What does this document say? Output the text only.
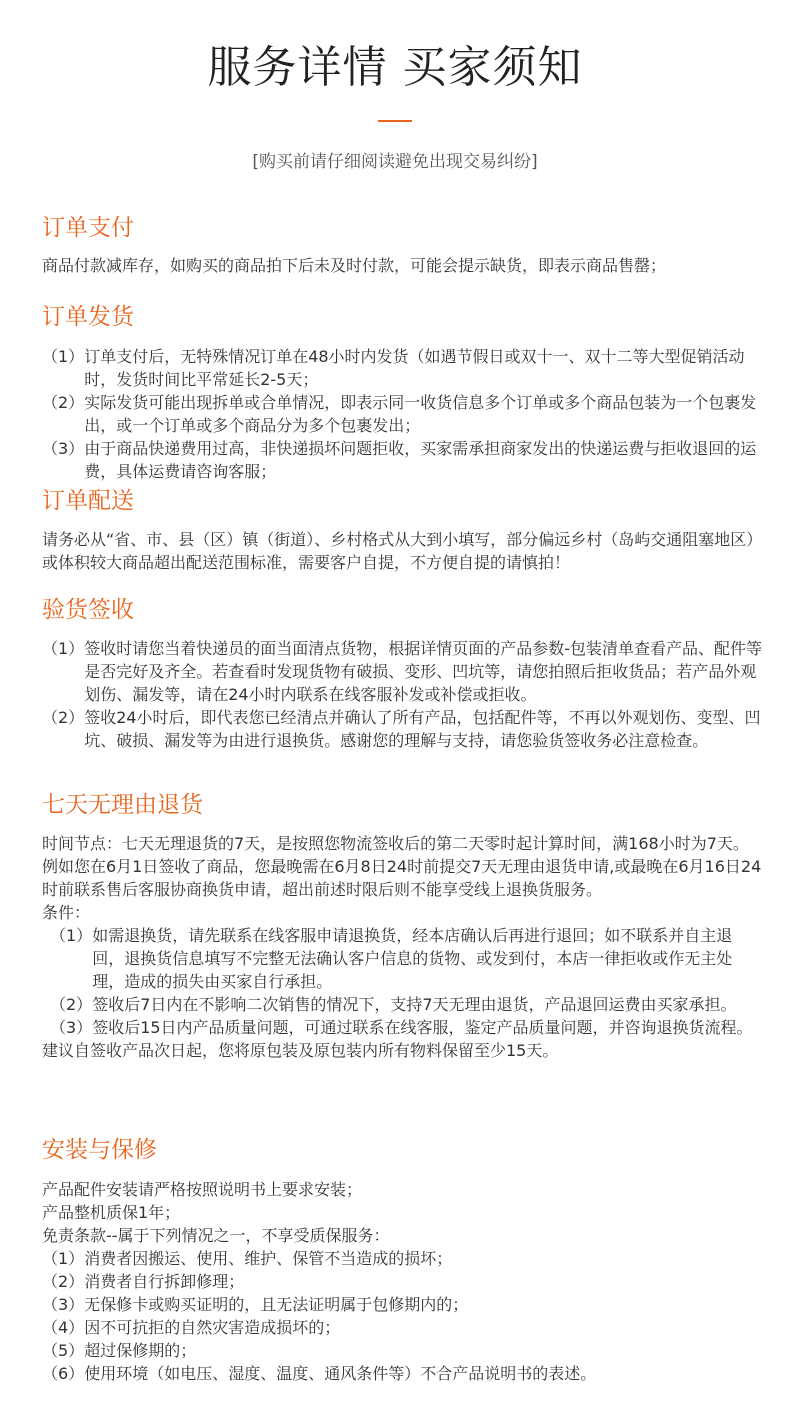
服务详情 买家须知
[购买前请仔细阅读避免出现交易纠纷]
订单支付

商品付款减库存，如购买的商品拍下后未及时付款，可能会提示缺货，即表示商品售罄；

订单发货
（1） 订单支付后，无特殊情况订单在48小时内发货（如遇节假日或双十一、双十二等大型促销活动时，发货时间比平常延长2-5天；
（2） 实际发货可能出现拆单或合单情况，即表示同一收货信息多个订单或多个商品包装为一个包裹发出，或一个订单或多个商品分为多个包裹发出；
（3） 由于商品快递费用过高，非快递损坏问题拒收，买家需承担商家发出的快递运费与拒收退回的运费，具体运费请咨询客服；
订单配送

请务必从“省、市、县（区）镇（街道）、乡村格式从大到小填写，部分偏远乡村（岛屿交通阻塞地区）或体积较大商品超出配送范围标准，需要客户自提，不方便自提的请慎拍！

验货签收
（1） 签收时请您当着快递员的面当面清点货物，根据详情页面的产品参数-包装清单查看产品、配件等是否完好及齐全。若查看时发现货物有破损、变形、凹坑等，请您拍照后拒收货品；若产品外观划伤、漏发等，请在24小时内联系在线客服补发或补偿或拒收。
（2） 签收24小时后，即代表您已经清点并确认了所有产品，包括配件等，不再以外观划伤、变型、凹坑、破损、漏发等为由进行退换货。感谢您的理解与支持，请您验货签收务必注意检查。
七天无理由退货

时间节点：七天无理退货的7天，是按照您物流签收后的第二天零时起计算时间，满168小时为7天。例如您在6月1日签收了商品，您最晚需在6月8日24时前提交7天无理由退货申请,或最晚在6月16日24时前联系售后客服协商换货申请，超出前述时限后则不能享受线上退换货服务。

条件：

（1） 如需退换货，请先联系在线客服申请退换货，经本店确认后再进行退回；如不联系并自主退回，退换货信息填写不完整无法确认客户信息的货物、或发到付，本店一律拒收或作无主处理，造成的损失由买家自行承担。
（2） 签收后7日内在不影响二次销售的情况下，支持7天无理由退货，产品退回运费由买家承担。
（3） 签收后15日内产品质量问题，可通过联系在线客服，鉴定产品质量问题，并咨询退换货流程。

建议自签收产品次日起，您将原包装及原包装内所有物料保留至少15天。

安装与保修

产品配件安装请严格按照说明书上要求安装；

产品整机质保1年；

免责条款--属于下列情况之一，不享受质保服务：

（1） 消费者因搬运、使用、维护、保管不当造成的损坏；
（2） 消费者自行拆卸修理；
（3） 无保修卡或购买证明的，且无法证明属于包修期内的；
（4） 因不可抗拒的自然灾害造成损坏的；
（5） 超过保修期的；
（6） 使用环境（如电压、湿度、温度、通风条件等）不合产品说明书的表述。
